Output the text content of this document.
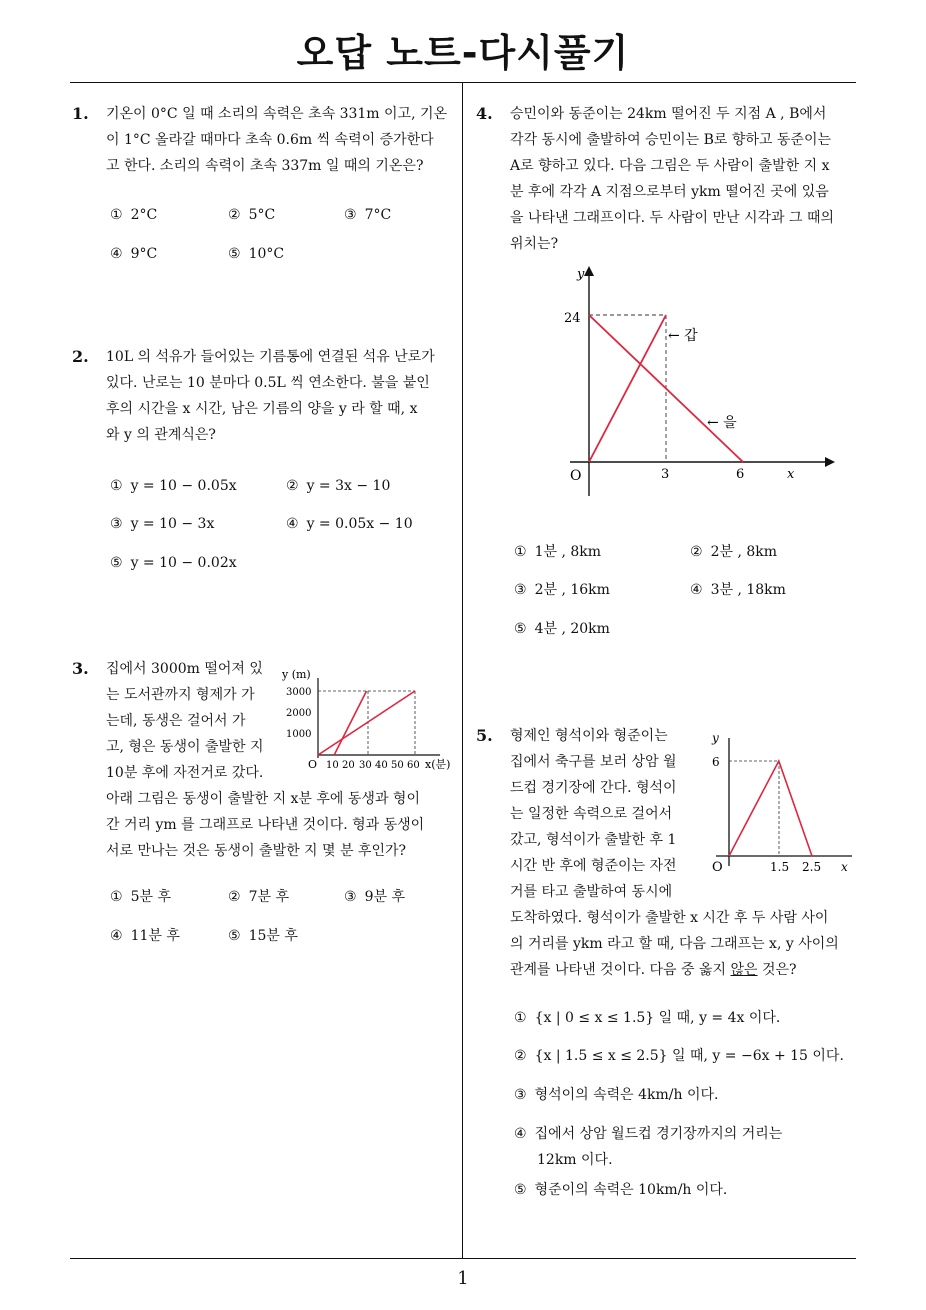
오답 노트-다시풀기
1
1. 기온이 0°C 일 때 소리의 속력은 초속 331m 이고, 기온
이 1°C 올라갈 때마다 초속 0.6m 씩 속력이 증가한다
고 한다. 소리의 속력이 초속 337m 일 때의 기온은?
① 2°C	② 5°C	③ 7°C
④ 9°C	⑤ 10°C
2. 10L 의 석유가 들어있는 기름통에 연결된 석유 난로가
있다. 난로는 10 분마다 0.5L 씩 연소한다. 불을 붙인
후의 시간을 x 시간, 남은 기름의 양을 y 라 할 때, x
와 y 의 관계식은?
① y = 10 − 0.05x	② y = 3x − 10
③ y = 10 − 3x	④ y = 0.05x − 10
⑤ y = 10 − 0.02x
3. 집에서 3000m 떨어져 있
는 도서관까지 형제가 가
는데, 동생은 걸어서 가
고, 형은 동생이 출발한 지
10분 후에 자전거로 갔다.
아래 그림은 동생이 출발한 지 x분 후에 동생과 형이
간 거리 ym 를 그래프로 나타낸 것이다. 형과 동생이
서로 만나는 것은 동생이 출발한 지 몇 분 후인가?
y (m)
3000
2000
1000
O 10 20 30 40 50 60 x(분)
① 5분 후	② 7분 후	③ 9분 후
④ 11분 후	⑤ 15분 후
4. 승민이와 동준이는 24km 떨어진 두 지점 A , B에서
각각 동시에 출발하여 승민이는 B로 향하고 동준이는
A로 향하고 있다. 다음 그림은 두 사람이 출발한 지 x
분 후에 각각 A 지점으로부터 ykm 떨어진 곳에 있음
을 나타낸 그래프이다. 두 사람이 만난 시각과 그 때의
위치는?
y
24
O	3	6	x
← 갑
← 을
① 1분 , 8km	② 2분 , 8km
③ 2분 , 16km	④ 3분 , 18km
⑤ 4분 , 20km
5. 형제인 형석이와 형준이는
집에서 축구를 보러 상암 월
드컵 경기장에 간다. 형석이
는 일정한 속력으로 걸어서
갔고, 형석이가 출발한 후 1
시간 반 후에 형준이는 자전
거를 타고 출발하여 동시에
도착하였다. 형석이가 출발한 x 시간 후 두 사람 사이
의 거리를 ykm 라고 할 때, 다음 그래프는 x, y 사이의
관계를 나타낸 것이다. 다음 중 옳지 않은 것은?
y
6
O	1.5 2.5 x
① {x | 0 ≤ x ≤ 1.5} 일 때, y = 4x 이다.
② {x | 1.5 ≤ x ≤ 2.5} 일 때, y = −6x + 15 이다.
③ 형석이의 속력은 4km/h 이다.
④ 집에서 상암 월드컵 경기장까지의 거리는
12km 이다.
⑤ 형준이의 속력은 10km/h 이다.
